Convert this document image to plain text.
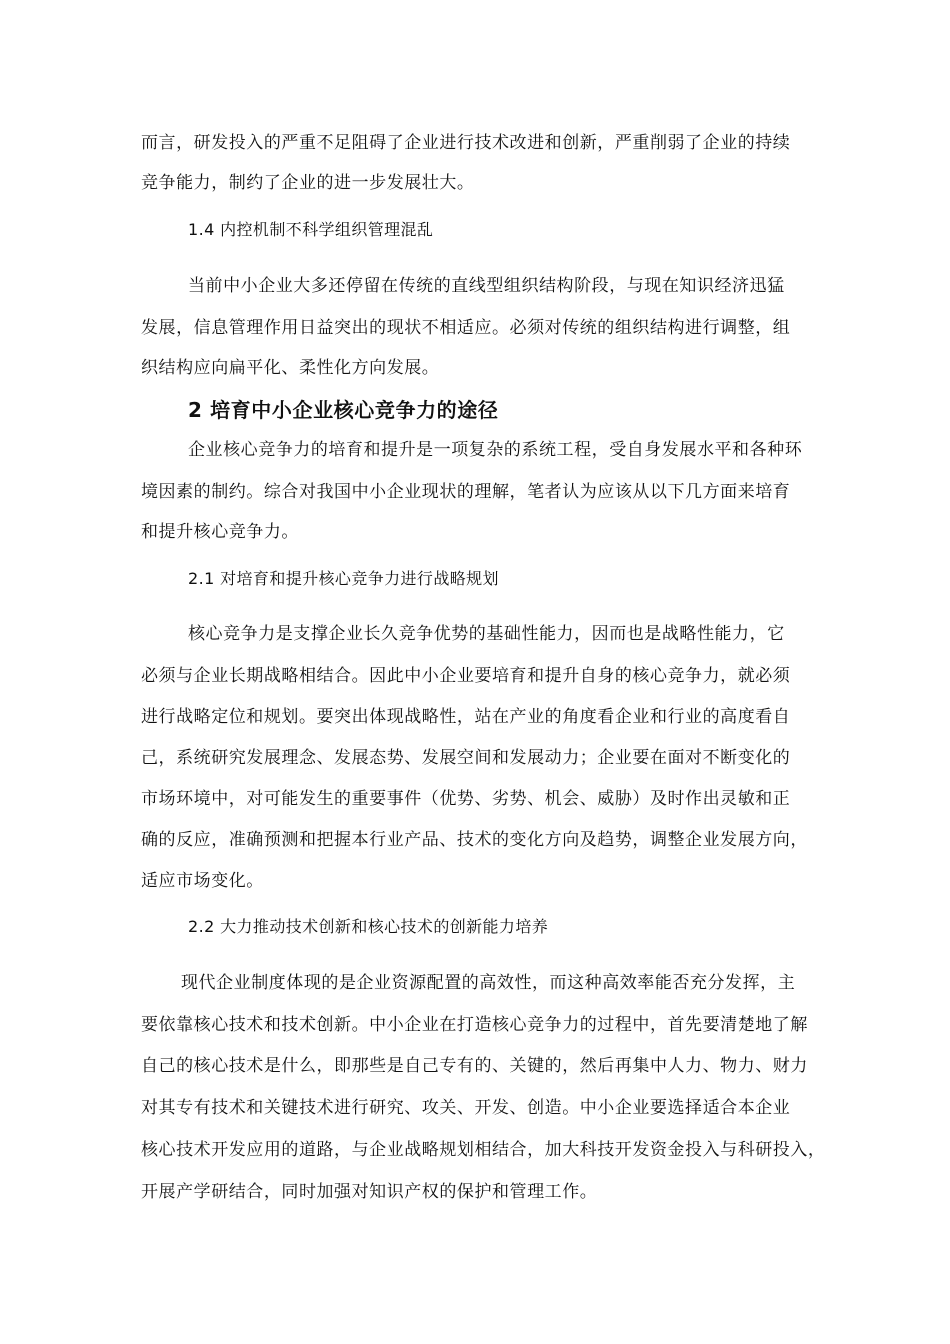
而言，研发投入的严重不足阻碍了企业进行技术改进和创新，严重削弱了企业的持续
竞争能力，制约了企业的进一步发展壮大。
1.4 内控机制不科学组织管理混乱
当前中小企业大多还停留在传统的直线型组织结构阶段，与现在知识经济迅猛
发展，信息管理作用日益突出的现状不相适应。必须对传统的组织结构进行调整，组
织结构应向扁平化、柔性化方向发展。
2 培育中小企业核心竞争力的途径
企业核心竞争力的培育和提升是一项复杂的系统工程，受自身发展水平和各种环
境因素的制约。综合对我国中小企业现状的理解，笔者认为应该从以下几方面来培育
和提升核心竞争力。
2.1 对培育和提升核心竞争力进行战略规划
核心竞争力是支撑企业长久竞争优势的基础性能力，因而也是战略性能力，它
必须与企业长期战略相结合。因此中小企业要培育和提升自身的核心竞争力，就必须
进行战略定位和规划。要突出体现战略性，站在产业的角度看企业和行业的高度看自
己，系统研究发展理念、发展态势、发展空间和发展动力；企业要在面对不断变化的
市场环境中，对可能发生的重要事件（优势、劣势、机会、威胁）及时作出灵敏和正
确的反应，准确预测和把握本行业产品、技术的变化方向及趋势，调整企业发展方向，
适应市场变化。
2.2 大力推动技术创新和核心技术的创新能力培养
现代企业制度体现的是企业资源配置的高效性，而这种高效率能否充分发挥，主
要依靠核心技术和技术创新。中小企业在打造核心竞争力的过程中，首先要清楚地了解
自己的核心技术是什么，即那些是自己专有的、关键的，然后再集中人力、物力、财力
对其专有技术和关键技术进行研究、攻关、开发、创造。中小企业要选择适合本企业
核心技术开发应用的道路，与企业战略规划相结合，加大科技开发资金投入与科研投入，
开展产学研结合，同时加强对知识产权的保护和管理工作。
